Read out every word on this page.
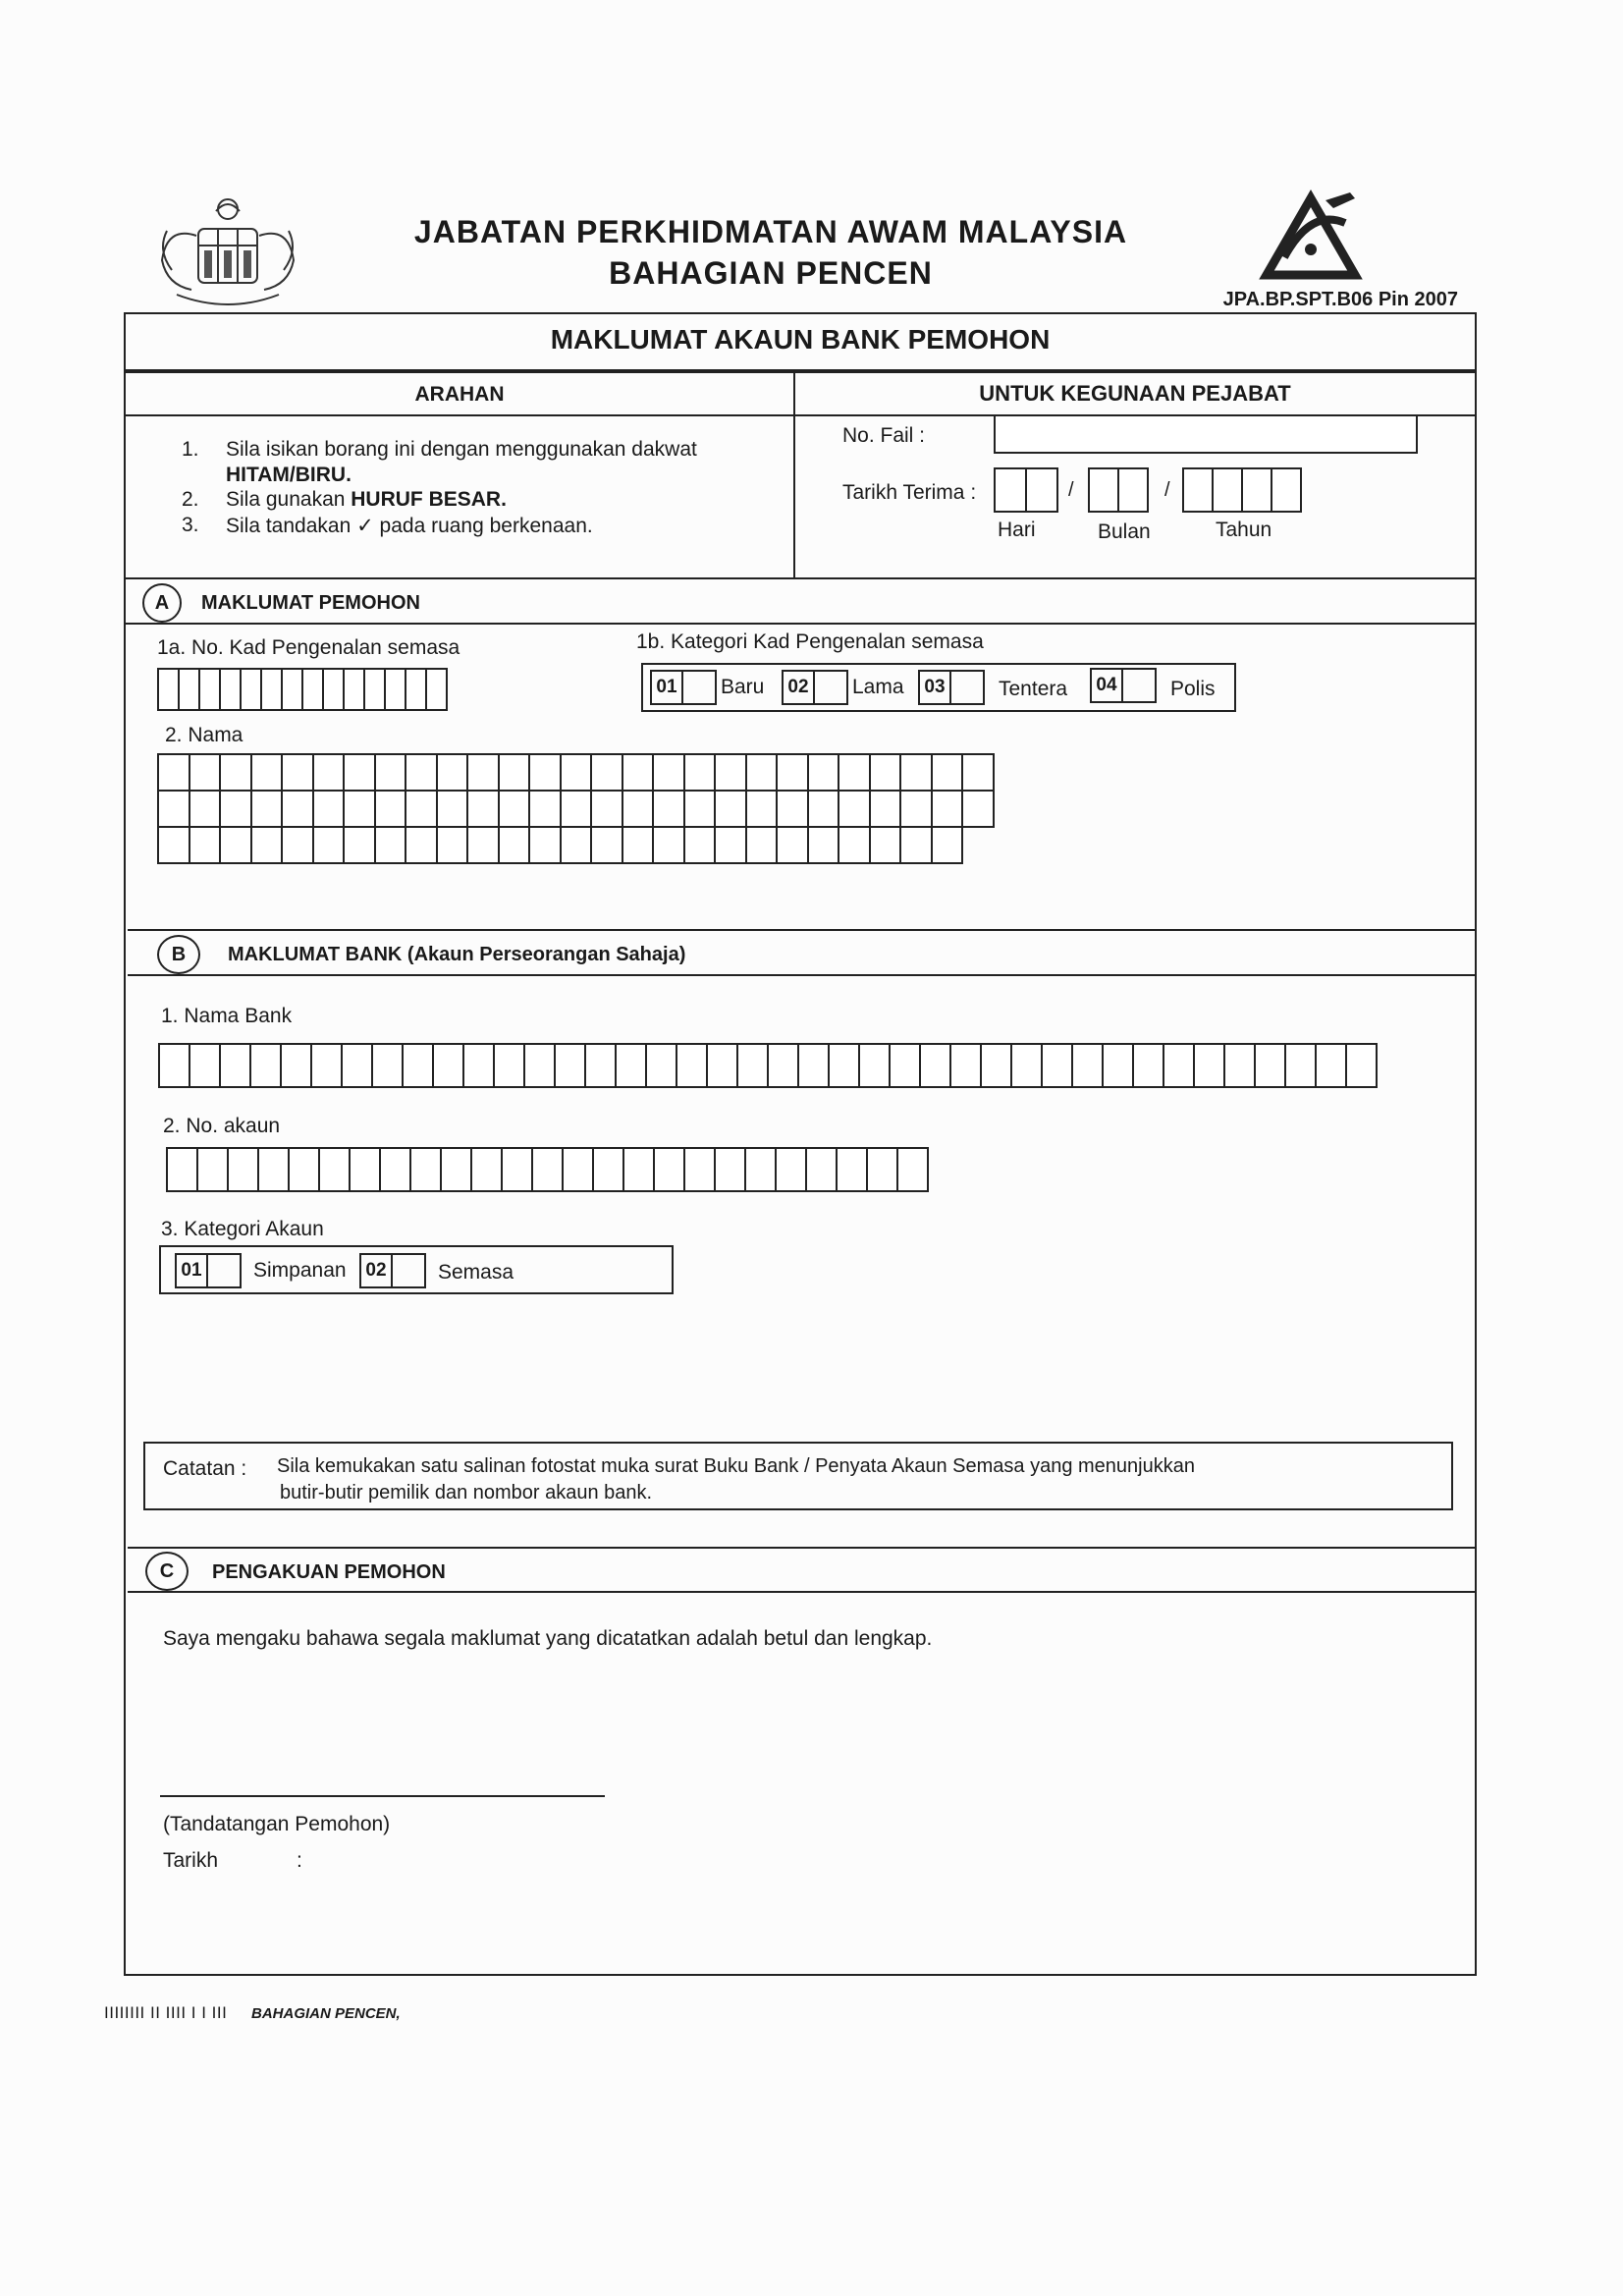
JABATAN PERKHIDMATAN AWAM MALAYSIA
BAHAGIAN PENCEN
JPA.BP.SPT.B06 Pin 2007
MAKLUMAT AKAUN BANK PEMOHON
ARAHAN	UNTUK KEGUNAAN PEJABAT
1. Sila isikan borang ini dengan menggunakan dakwat
HITAM/BIRU.
2. Sila gunakan HURUF BESAR.
3. Sila tandakan ✓ pada ruang berkenaan.
No. Fail :
Tarikh Terima :	/	/
Hari	Bulan	Tahun
A	MAKLUMAT PEMOHON
1a. No. Kad Pengenalan semasa	1b. Kategori Kad Pengenalan semasa
01	Baru	02	Lama	03	Tentera	04	Polis
2. Nama
B	MAKLUMAT BANK (Akaun Perseorangan Sahaja)
1. Nama Bank
2. No. akaun
3. Kategori Akaun
01	Simpanan	02	Semasa
Catatan : Sila kemukakan satu salinan fotostat muka surat Buku Bank / Penyata Akaun Semasa yang menunjukkan
butir-butir pemilik dan nombor akaun bank.
C	PENGAKUAN PEMOHON
Saya mengaku bahawa segala maklumat yang dicatatkan adalah betul dan lengkap.
(Tandatangan Pemohon)
Tarikh	:
IIIIIIII II IIII I I III BAHAGIAN PENCEN,
